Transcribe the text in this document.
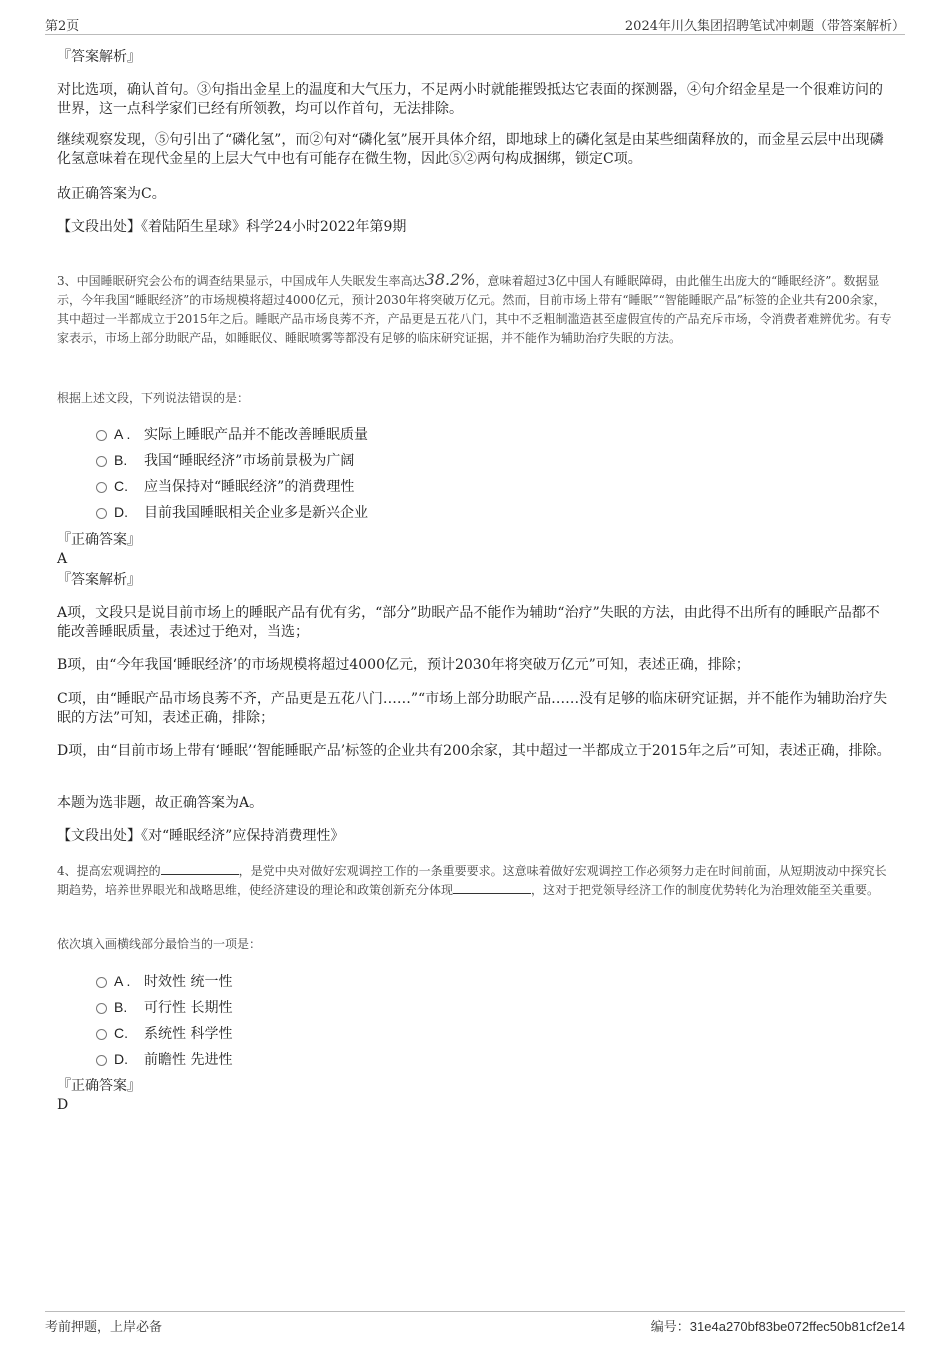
第2页	2024年川久集团招聘笔试冲刺题（带答案解析）

『答案解析』

对比选项，确认首句。③句指出金星上的温度和大气压力，不足两小时就能摧毁抵达它表面的探测器，④句介绍金星是一个很难访问的世界，这一点科学家们已经有所领教，均可以作首句，无法排除。

继续观察发现，⑤句引出了“磷化氢”，而②句对“磷化氢”展开具体介绍，即地球上的磷化氢是由某些细菌释放的，而金星云层中出现磷化氢意味着在现代金星的上层大气中也有可能存在微生物，因此⑤②两句构成捆绑，锁定C项。

故正确答案为C。

【文段出处】《着陆陌生星球》科学24小时2022年第9期

3、中国睡眠研究会公布的调查结果显示，中国成年人失眠发生率高达38.2%，意味着超过3亿中国人有睡眠障碍，由此催生出庞大的“睡眠经济”。数据显示，今年我国“睡眠经济”的市场规模将超过4000亿元，预计2030年将突破万亿元。然而，目前市场上带有“睡眠”“智能睡眠产品”标签的企业共有200余家，其中超过一半都成立于2015年之后。睡眠产品市场良莠不齐，产品更是五花八门，其中不乏粗制滥造甚至虚假宣传的产品充斥市场，令消费者难辨优劣。有专家表示，市场上部分助眠产品，如睡眠仪、睡眠喷雾等都没有足够的临床研究证据，并不能作为辅助治疗失眠的方法。

根据上述文段，下列说法错误的是：

A . 实际上睡眠产品并不能改善睡眠质量
B. 我国“睡眠经济”市场前景极为广阔
C. 应当保持对“睡眠经济”的消费理性
D. 目前我国睡眠相关企业多是新兴企业

『正确答案』

A

『答案解析』

A项，文段只是说目前市场上的睡眠产品有优有劣，“部分”助眠产品不能作为辅助“治疗”失眠的方法，由此得不出所有的睡眠产品都不能改善睡眠质量，表述过于绝对，当选；

B项，由“今年我国‘睡眠经济’的市场规模将超过4000亿元，预计2030年将突破万亿元”可知，表述正确，排除；

C项，由“睡眠产品市场良莠不齐，产品更是五花八门……”“市场上部分助眠产品……没有足够的临床研究证据，并不能作为辅助治疗失眠的方法”可知，表述正确，排除；

D项，由“目前市场上带有‘睡眠’‘智能睡眠产品’标签的企业共有200余家，其中超过一半都成立于2015年之后”可知，表述正确，排除。

本题为选非题，故正确答案为A。

【文段出处】《对“睡眠经济”应保持消费理性》

4、提高宏观调控的	，是党中央对做好宏观调控工作的一条重要要求。这意味着做好宏观调控工作必须努力走在时间前面，从短期波动中探究长期趋势，培养世界眼光和战略思维，使经济建设的理论和政策创新充分体现	，这对于把党领导经济工作的制度优势转化为治理效能至关重要。

依次填入画横线部分最恰当的一项是：

A . 时效性 统一性
B. 可行性 长期性
C. 系统性 科学性
D. 前瞻性 先进性

『正确答案』

D

考前押题，上岸必备	编号：31e4a270bf83be072ffec50b81cf2e14
